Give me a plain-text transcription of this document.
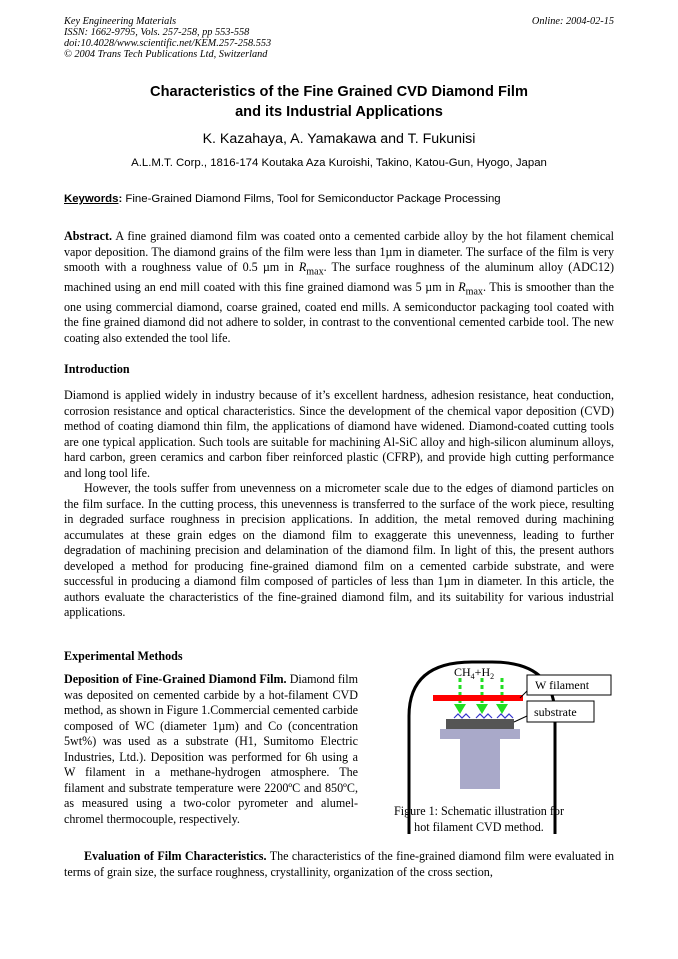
Key Engineering Materials
ISSN: 1662-9795, Vols. 257-258, pp 553-558
doi:10.4028/www.scientific.net/KEM.257-258.553
© 2004 Trans Tech Publications Ltd, Switzerland
Online: 2004-02-15
Characteristics of the Fine Grained CVD Diamond Film
and its Industrial Applications
K. Kazahaya, A. Yamakawa and T. Fukunisi
A.L.M.T. Corp., 1816-174 Koutaka Aza Kuroishi, Takino, Katou-Gun, Hyogo, Japan
Keywords: Fine-Grained Diamond Films, Tool for Semiconductor Package Processing

Abstract. A fine grained diamond film was coated onto a cemented carbide alloy by the hot filament chemical vapor deposition. The diamond grains of the film were less than 1µm in diameter. The surface of the film is very smooth with a roughness value of 0.5 µm in $R_{max}$. The surface roughness of the aluminum alloy (ADC12) machined using an end mill coated with this fine grained diamond was 5 µm in $R_{max}$. This is smoother than the one using commercial diamond, coarse grained, coated end mills. A semiconductor packaging tool coated with the fine grained diamond did not adhere to solder, in contrast to the conventional cemented carbide tool. The new coating also extended the tool life.

Introduction

Diamond is applied widely in industry because of it’s excellent hardness, adhesion resistance, heat conduction, corrosion resistance and optical characteristics. Since the development of the chemical vapor deposition (CVD) method of coating diamond thin film, the applications of diamond have widened. Diamond-coated cutting tools are one typical application. Such tools are suitable for machining Al-SiC alloy and high-silicon aluminum alloys, hard carbon, green ceramics and carbon fiber reinforced plastic (CFRP), and provide high cutting performance and long tool life.

However, the tools suffer from unevenness on a micrometer scale due to the edges of diamond particles on the film surface. In the cutting process, this unevenness is transferred to the surface of the work piece, resulting in degraded surface roughness in precision applications. In addition, the metal removed during machining accumulates at these grain edges on the diamond film to exaggerate this unevenness, leading to further degradation of machining precision and delamination of the diamond film. In light of this, the present authors developed a method for producing fine-grained diamond film on a cemented carbide substrate, and were successful in producing a diamond film composed of particles of less than 1µm in diameter. In this article, the authors evaluate the characteristics of the fine-grained diamond film, and its suitability for various industrial applications.

Experimental Methods

Deposition of Fine-Grained Diamond Film. Diamond film was deposited on cemented carbide by a hot-filament CVD method, as shown in Figure 1.Commercial cemented carbide composed of WC (diameter 1µm) and Co (concentration 5wt%) was used as a substrate (H1, Sumitomo Electric Industries, Ltd.). Deposition was performed for 6h using a W filament in a methane-hydrogen atmosphere. The filament and substrate temperature were 2200ºC and 850ºC, as measured using a two-color pyrometer and alumel-chromel thermocouple, respectively.

$CH_4+H_2$
W filament
substrate
Figure 1: Schematic illustration for
hot filament CVD method.

Evaluation of Film Characteristics. The characteristics of the fine-grained diamond film were evaluated in terms of grain size, the surface roughness, crystallinity, organization of the cross section,
